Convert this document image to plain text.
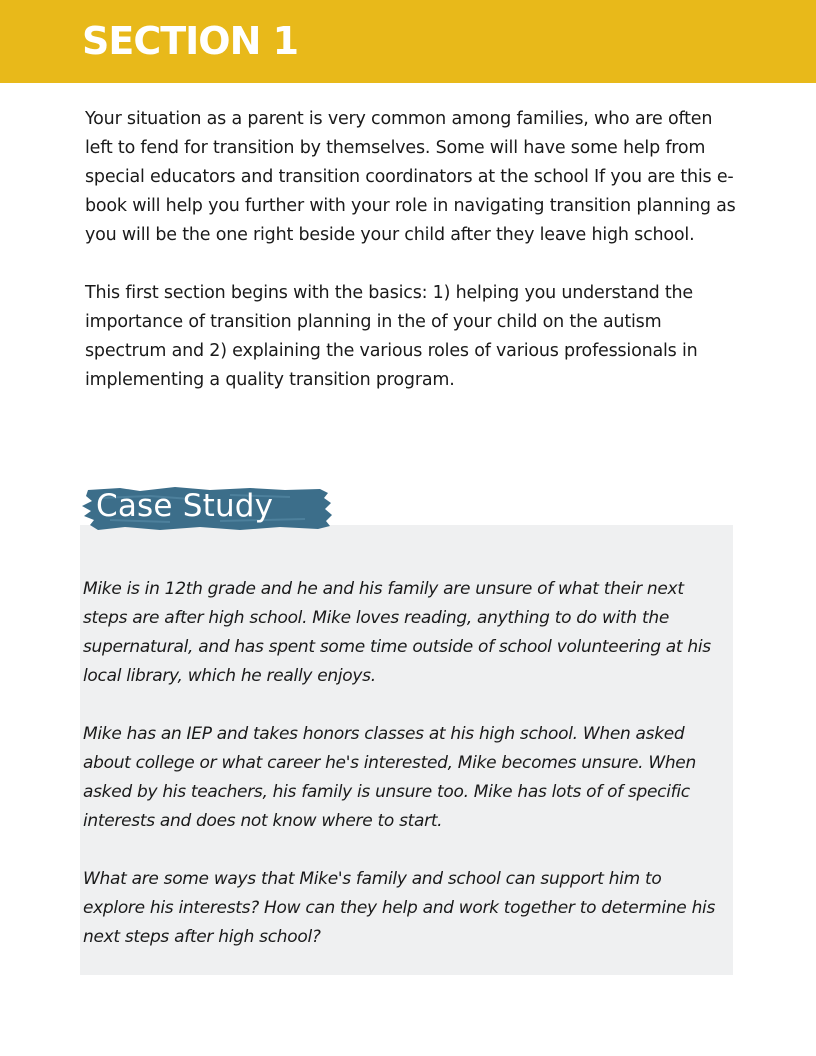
SECTION 1

Your situation as a parent is very common among families, who are often left to fend for transition by themselves. Some will have some help from special educators and transition coordinators at the school If you are this e-book will help you further with your role in navigating transition planning as you will be the one right beside your child after they leave high school.

This first section begins with the basics: 1) helping you understand the importance of transition planning in the of your child on the autism spectrum and 2) explaining the various roles of various professionals in implementing a quality transition program.

Case Study

Mike is in 12th grade and he and his family are unsure of what their next steps are after high school. Mike loves reading, anything to do with the supernatural, and has spent some time outside of school volunteering at his local library, which he really enjoys.

Mike has an IEP and takes honors classes at his high school. When asked about college or what career he's interested, Mike becomes unsure. When asked by his teachers, his family is unsure too. Mike has lots of of specific interests and does not know where to start.

What are some ways that Mike's family and school can support him to explore his interests? How can they help and work together to determine his next steps after high school?
